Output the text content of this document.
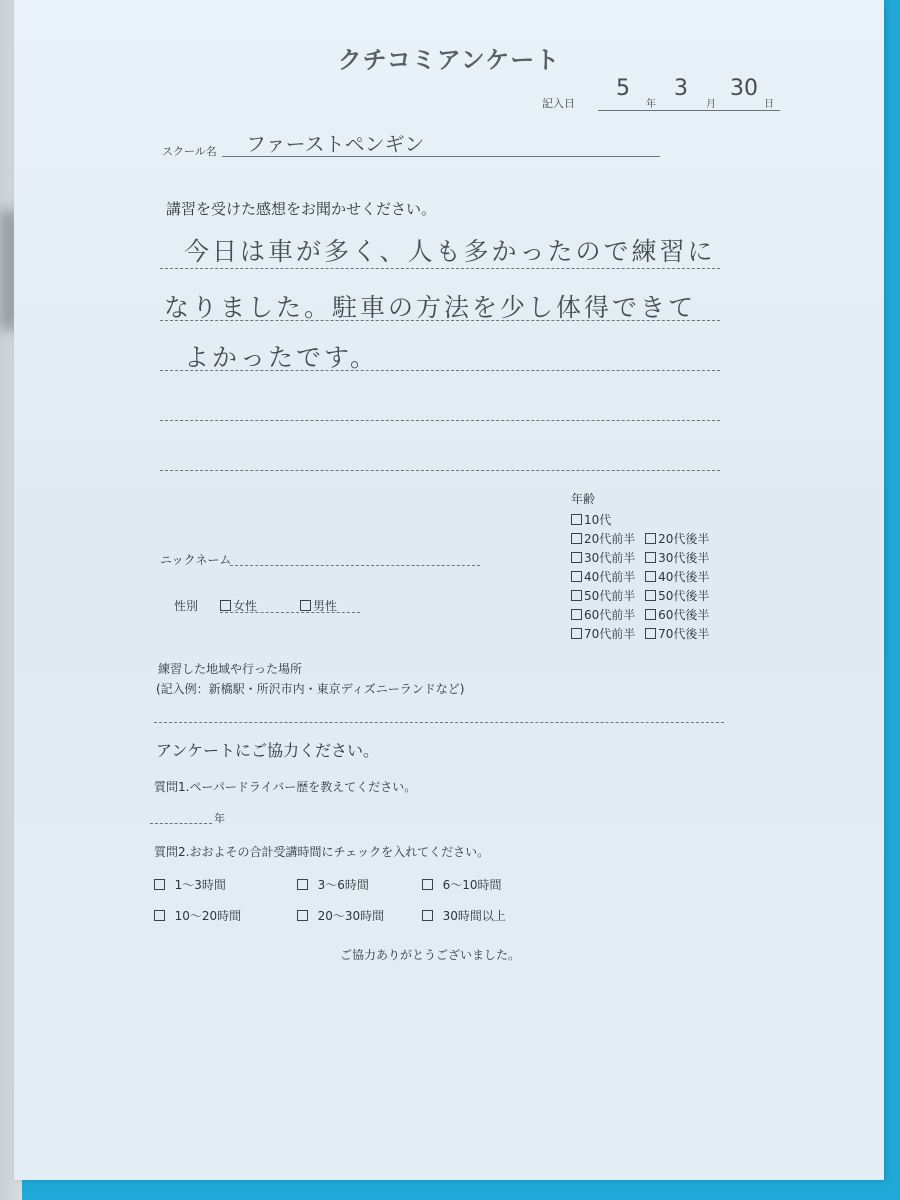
クチコミアンケート
記入日
5
年
3
月
30
日
スクール名 ファーストペンギン
講習を受けた感想をお聞かせください。
今日は車が多く、人も多かったので練習に
なりました。駐車の方法を少し体得できて
よかったです。
年齢
10代
20代前半 20代後半
30代前半 30代後半
40代前半 40代後半
50代前半 50代後半
60代前半 60代後半
70代前半 70代後半
ニックネーム
性別	女性	男性
練習した地域や行った場所
(記入例：新橋駅・所沢市内・東京ディズニーランドなど)
アンケートにご協力ください。
質問1.ペーパードライバー歴を教えてください。
年
質問2.おおよその合計受講時間にチェックを入れてください。
1～3時間	3～6時間	6～10時間
10～20時間	20～30時間	30時間以上
ご協力ありがとうございました。
